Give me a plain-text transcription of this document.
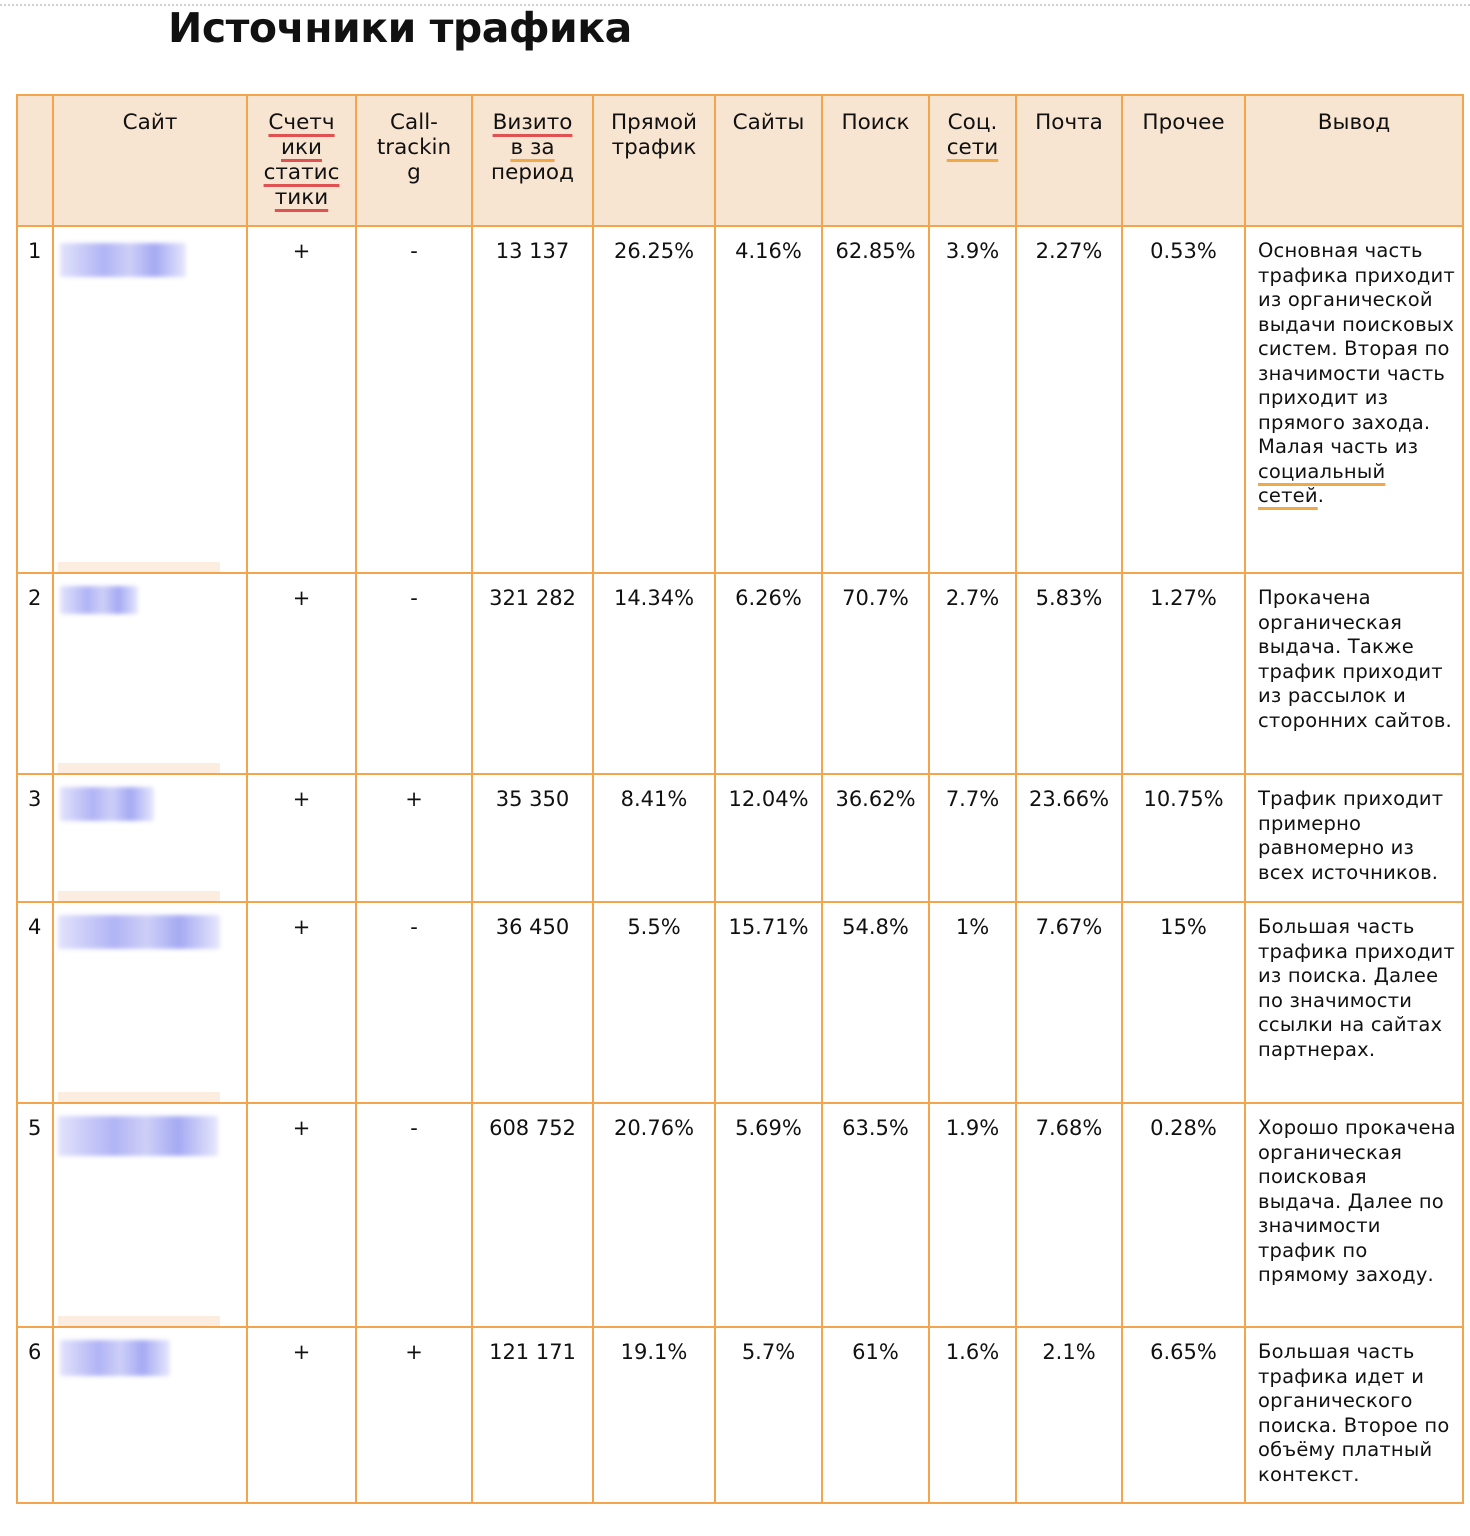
Источники трафика
	Сайт	Счетч
ики
статис
тики	Call-
trackin
g	Визито
в за
период	Прямой
трафик	Сайты	Поиск	Соц.
сети	Почта	Прочее	Вывод
1		+	-	13 137	26.25%	4.16%	62.85%	3.9%	2.27%	0.53%	Основная часть трафика приходит из органической выдачи поисковых систем. Вторая по значимости часть приходит из прямого захода. Малая часть из социальный сетей.
2		+	-	321 282	14.34%	6.26%	70.7%	2.7%	5.83%	1.27%	Прокачена органическая выдача. Также трафик приходит из рассылок и сторонних сайтов.
3		+	+	35 350	8.41%	12.04%	36.62%	7.7%	23.66%	10.75%	Трафик приходит примерно равномерно из всех источников.
4		+	-	36 450	5.5%	15.71%	54.8%	1%	7.67%	15%	Большая часть трафика приходит из поиска. Далее по значимости ссылки на сайтах партнерах.
5		+	-	608 752	20.76%	5.69%	63.5%	1.9%	7.68%	0.28%	Хорошо прокачена органическая поисковая выдача. Далее по значимости трафик по прямому заходу.
6		+	+	121 171	19.1%	5.7%	61%	1.6%	2.1%	6.65%	Большая часть трафика идет и органического поиска. Второе по объёму платный контекст.
